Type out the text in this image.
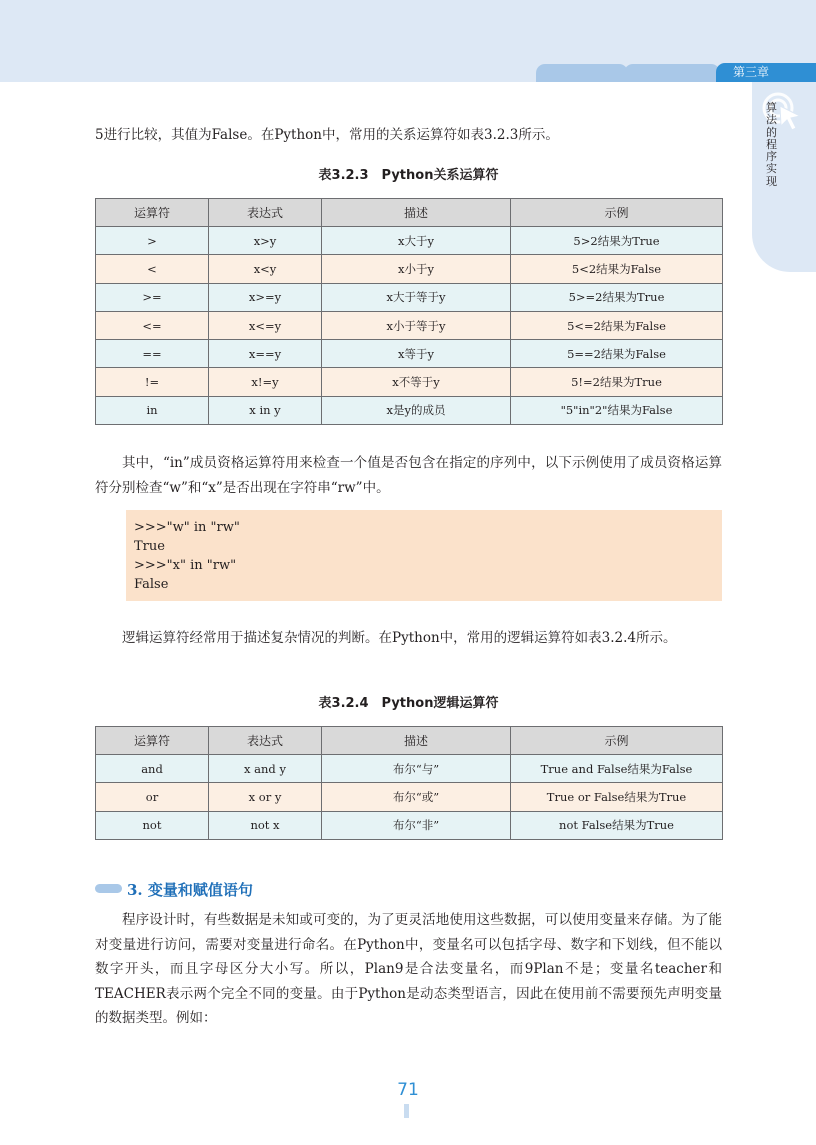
第三章
算法的程序实现
5进行比较，其值为False。在Python中，常用的关系运算符如表3.2.3所示。
表3.2.3　Python关系运算符
运算符	表达式	描述	示例
>	x>y	x大于y	5>2结果为True
<	x<y	x小于y	5<2结果为False
>=	x>=y	x大于等于y	5>=2结果为True
<=	x<=y	x小于等于y	5<=2结果为False
==	x==y	x等于y	5==2结果为False
!=	x!=y	x不等于y	5!=2结果为True
in	x in y	x是y的成员	"5"in"2"结果为False
其中，“in”成员资格运算符用来检查一个值是否包含在指定的序列中，以下示例使用了成员资格运算符分别检查“w”和“x”是否出现在字符串“rw”中。
>>>"w" in "rw"
True
>>>"x" in "rw"
False
逻辑运算符经常用于描述复杂情况的判断。在Python中，常用的逻辑运算符如表3.2.4所示。
表3.2.4　Python逻辑运算符
运算符	表达式	描述	示例
and	x and y	布尔“与”	True and False结果为False
or	x or y	布尔“或”	True or False结果为True
not	not x	布尔“非”	not False结果为True
3. 变量和赋值语句
程序设计时，有些数据是未知或可变的，为了更灵活地使用这些数据，可以使用变量来存储。为了能对变量进行访问，需要对变量进行命名。在Python中，变量名可以包括字母、数字和下划线，但不能以数字开头，而且字母区分大小写。所以，Plan9是合法变量名，而9Plan不是；变量名teacher和TEACHER表示两个完全不同的变量。由于Python是动态类型语言，因此在使用前不需要预先声明变量的数据类型。例如：
71
